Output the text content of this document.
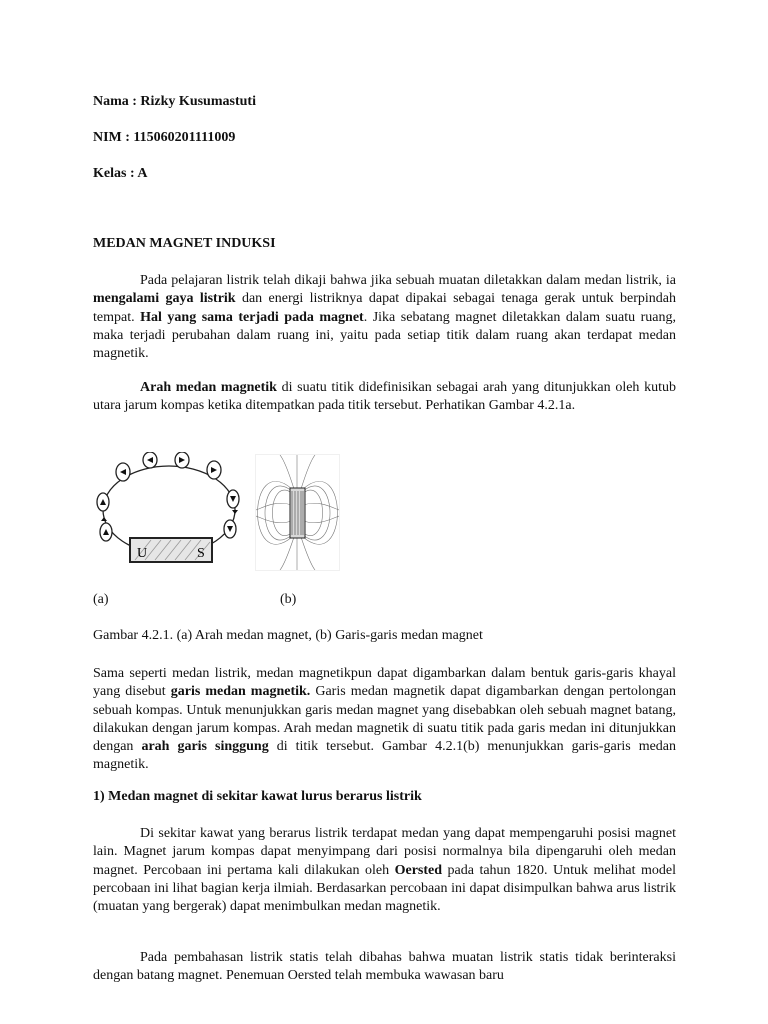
Nama : Rizky Kusumastuti
NIM : 115060201111009
Kelas : A
MEDAN MAGNET INDUKSI
Pada pelajaran listrik telah dikaji bahwa jika sebuah muatan diletakkan dalam medan listrik, ia mengalami gaya listrik dan energi listriknya dapat dipakai sebagai tenaga gerak untuk berpindah tempat. Hal yang sama terjadi pada magnet. Jika sebatang magnet diletakkan dalam suatu ruang, maka terjadi perubahan dalam ruang ini, yaitu pada setiap titik dalam ruang akan terdapat medan magnetik.
Arah medan magnetik di suatu titik didefinisikan sebagai arah yang ditunjukkan oleh kutub utara jarum kompas ketika ditempatkan pada titik tersebut. Perhatikan Gambar 4.2.1a.
U	S
(a)	(b)
Gambar 4.2.1. (a) Arah medan magnet, (b) Garis-garis medan magnet
Sama seperti medan listrik, medan magnetikpun dapat digambarkan dalam bentuk garis-garis khayal yang disebut garis medan magnetik. Garis medan magnetik dapat digambarkan dengan pertolongan sebuah kompas. Untuk menunjukkan garis medan magnet yang disebabkan oleh sebuah magnet batang, dilakukan dengan jarum kompas. Arah medan magnetik di suatu titik pada garis medan ini ditunjukkan dengan arah garis singgung di titik tersebut. Gambar 4.2.1(b) menunjukkan garis-garis medan magnetik.
1) Medan magnet di sekitar kawat lurus berarus listrik
Di sekitar kawat yang berarus listrik terdapat medan yang dapat mempengaruhi posisi magnet lain. Magnet jarum kompas dapat menyimpang dari posisi normalnya bila dipengaruhi oleh medan magnet. Percobaan ini pertama kali dilakukan oleh Oersted pada tahun 1820. Untuk melihat model percobaan ini lihat bagian kerja ilmiah. Berdasarkan percobaan ini dapat disimpulkan bahwa arus listrik (muatan yang bergerak) dapat menimbulkan medan magnetik.
Pada pembahasan listrik statis telah dibahas bahwa muatan listrik statis tidak berinteraksi dengan batang magnet. Penemuan Oersted telah membuka wawasan baru
